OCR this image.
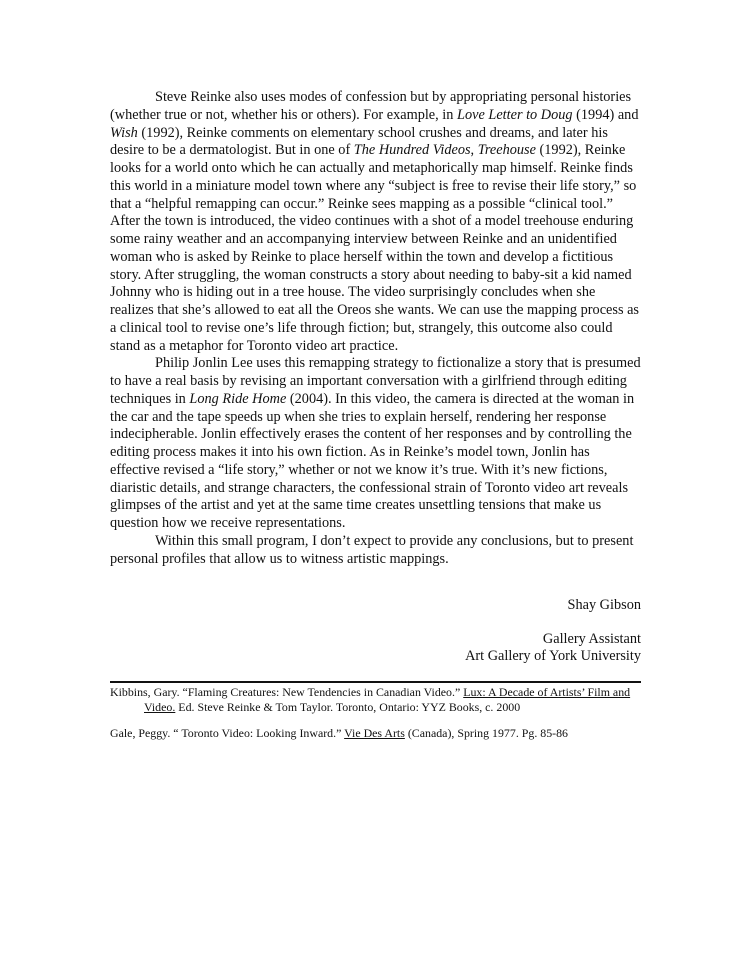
Steve Reinke also uses modes of confession but by appropriating personal histories (whether true or not, whether his or others). For example, in Love Letter to Doug (1994) and Wish (1992), Reinke comments on elementary school crushes and dreams, and later his desire to be a dermatologist. But in one of The Hundred Videos, Treehouse (1992), Reinke looks for a world onto which he can actually and metaphorically map himself. Reinke finds this world in a miniature model town where any “subject is free to revise their life story,” so that a “helpful remapping can occur.” Reinke sees mapping as a possible “clinical tool.” After the town is introduced, the video continues with a shot of a model treehouse enduring some rainy weather and an accompanying interview between Reinke and an unidentified woman who is asked by Reinke to place herself within the town and develop a fictitious story. After struggling, the woman constructs a story about needing to baby-sit a kid named Johnny who is hiding out in a tree house. The video surprisingly concludes when she realizes that she’s allowed to eat all the Oreos she wants. We can use the mapping process as a clinical tool to revise one’s life through fiction; but, strangely, this outcome also could stand as a metaphor for Toronto video art practice.

Philip Jonlin Lee uses this remapping strategy to fictionalize a story that is presumed to have a real basis by revising an important conversation with a girlfriend through editing techniques in Long Ride Home (2004). In this video, the camera is directed at the woman in the car and the tape speeds up when she tries to explain herself, rendering her response indecipherable. Jonlin effectively erases the content of her responses and by controlling the editing process makes it into his own fiction. As in Reinke’s model town, Jonlin has effective revised a “life story,” whether or not we know it’s true. With it’s new fictions, diaristic details, and strange characters, the confessional strain of Toronto video art reveals glimpses of the artist and yet at the same time creates unsettling tensions that make us question how we receive representations.

Within this small program, I don’t expect to provide any conclusions, but to present personal profiles that allow us to witness artistic mappings.

Shay Gibson
Gallery Assistant
Art Gallery of York University

Kibbins, Gary. “Flaming Creatures: New Tendencies in Canadian Video.” Lux: A Decade of Artists’ Film and Video. Ed. Steve Reinke & Tom Taylor. Toronto, Ontario: YYZ Books, c. 2000

Gale, Peggy. “ Toronto Video: Looking Inward.” Vie Des Arts (Canada), Spring 1977. Pg. 85-86
